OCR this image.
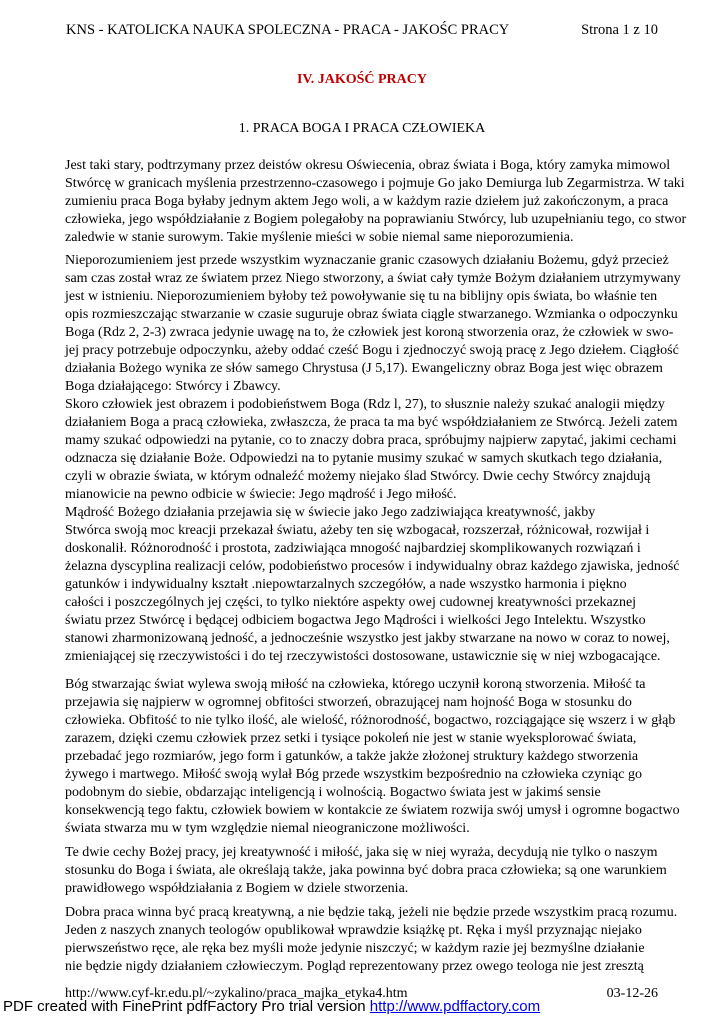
KNS - KATOLICKA NAUKA SPOLECZNA - PRACA - JAKOŚC PRACY	Strona 1 z 10
IV. JAKOŚĆ PRACY
1. PRACA BOGA I PRACA CZŁOWIEKA
Jest taki stary, podtrzymany przez deistów okresu Oświecenia, obraz świata i Boga, który zamyka mimowol
Stwórcę w granicach myślenia przestrzenno-czasowego i pojmuje Go jako Demiurga lub Zegarmistrza. W taki
zumieniu praca Boga byłaby jednym aktem Jego woli, a w każdym razie dziełem już zakończonym, a praca
człowieka, jego współdziałanie z Bogiem polegałoby na poprawianiu Stwórcy, lub uzupełnianiu tego, co stwor
zaledwie w stanie surowym. Takie myślenie mieści w sobie niemal same nieporozumienia.
Nieporozumieniem jest przede wszystkim wyznaczanie granic czasowych działaniu Bożemu, gdyż przecież
sam czas został wraz ze światem przez Niego stworzony, a świat cały tymże Bożym działaniem utrzymywany
jest w istnieniu. Nieporozumieniem byłoby też powoływanie się tu na biblijny opis świata, bo właśnie ten
opis rozmieszczając stwarzanie w czasie suguruje obraz świata ciągle stwarzanego. Wzmianka o odpoczynku
Boga (Rdz 2, 2-3) zwraca jedynie uwagę na to, że człowiek jest koroną stworzenia oraz, że człowiek w swo-
jej pracy potrzebuje odpoczynku, ażeby oddać cześć Bogu i zjednoczyć swoją pracę z Jego dziełem. Ciągłość
działania Bożego wynika ze słów samego Chrystusa (J 5,17). Ewangeliczny obraz Boga jest więc obrazem
Boga działającego: Stwórcy i Zbawcy.
Skoro człowiek jest obrazem i podobieństwem Boga (Rdz l, 27), to słusznie należy szukać analogii między
działaniem Boga a pracą człowieka, zwłaszcza, że praca ta ma być współdziałaniem ze Stwórcą. Jeżeli zatem
mamy szukać odpowiedzi na pytanie, co to znaczy dobra praca, spróbujmy najpierw zapytać, jakimi cechami
odznacza się działanie Boże. Odpowiedzi na to pytanie musimy szukać w samych skutkach tego działania,
czyli w obrazie świata, w którym odnaleźć możemy niejako ślad Stwórcy. Dwie cechy Stwórcy znajdują
mianowicie na pewno odbicie w świecie: Jego mądrość i Jego miłość.
Mądrość Bożego działania przejawia się w świecie jako Jego zadziwiająca kreatywność, jakby
Stwórca swoją moc kreacji przekazał światu, ażeby ten się wzbogacał, rozszerzał, różnicował, rozwijał i
doskonalił. Różnorodność i prostota, zadziwiająca mnogość najbardziej skomplikowanych rozwiązań i
żelazna dyscyplina realizacji celów, podobieństwo procesów i indywidualny obraz każdego zjawiska, jedność
gatunków i indywidualny kształt .niepowtarzalnych szczegółów, a nade wszystko harmonia i piękno
całości i poszczególnych jej części, to tylko niektóre aspekty owej cudownej kreatywności przekaznej
światu przez Stwórcę i będącej odbiciem bogactwa Jego Mądrości i wielkości Jego Intelektu. Wszystko
stanowi zharmonizowaną jedność, a jednocześnie wszystko jest jakby stwarzane na nowo w coraz to nowej,
zmieniającej się rzeczywistości i do tej rzeczywistości dostosowane, ustawicznie się w niej wzbogacające.
Bóg stwarzając świat wylewa swoją miłość na człowieka, którego uczynił koroną stworzenia. Miłość ta
przejawia się najpierw w ogromnej obfitości stworzeń, obrazującej nam hojność Boga w stosunku do
człowieka. Obfitość to nie tylko ilość, ale wielość, różnorodność, bogactwo, rozciągające się wszerz i w głąb
zarazem, dzięki czemu człowiek przez setki i tysiące pokoleń nie jest w stanie wyeksplorować świata,
przebadać jego rozmiarów, jego form i gatunków, a także jakże złożonej struktury każdego stworzenia
żywego i martwego. Miłość swoją wylał Bóg przede wszystkim bezpośrednio na człowieka czyniąc go
podobnym do siebie, obdarzając inteligencją i wolnością. Bogactwo świata jest w jakimś sensie
konsekwencją tego faktu, człowiek bowiem w kontakcie ze światem rozwija swój umysł i ogromne bogactwo
świata stwarza mu w tym względzie niemal nieograniczone możliwości.
Te dwie cechy Bożej pracy, jej kreatywność i miłość, jaka się w niej wyraża, decydują nie tylko o naszym
stosunku do Boga i świata, ale określają także, jaka powinna być dobra praca człowieka; są one warunkiem
prawidłowego współdziałania z Bogiem w dziele stworzenia.
Dobra praca winna być pracą kreatywną, a nie będzie taką, jeżeli nie będzie przede wszystkim pracą rozumu.
Jeden z naszych znanych teologów opublikował wprawdzie książkę pt. Ręka i myśl przyznając niejako
pierwszeństwo ręce, ale ręka bez myśli może jedynie niszczyć; w każdym razie jej bezmyślne działanie
nie będzie nigdy działaniem człowieczym. Pogląd reprezentowany przez owego teologa nie jest zresztą
http://www.cyf-kr.edu.pl/~zykalino/praca_majka_etyka4.htm	03-12-26
PDF created with FinePrint pdfFactory Pro trial version http://www.pdffactory.com
